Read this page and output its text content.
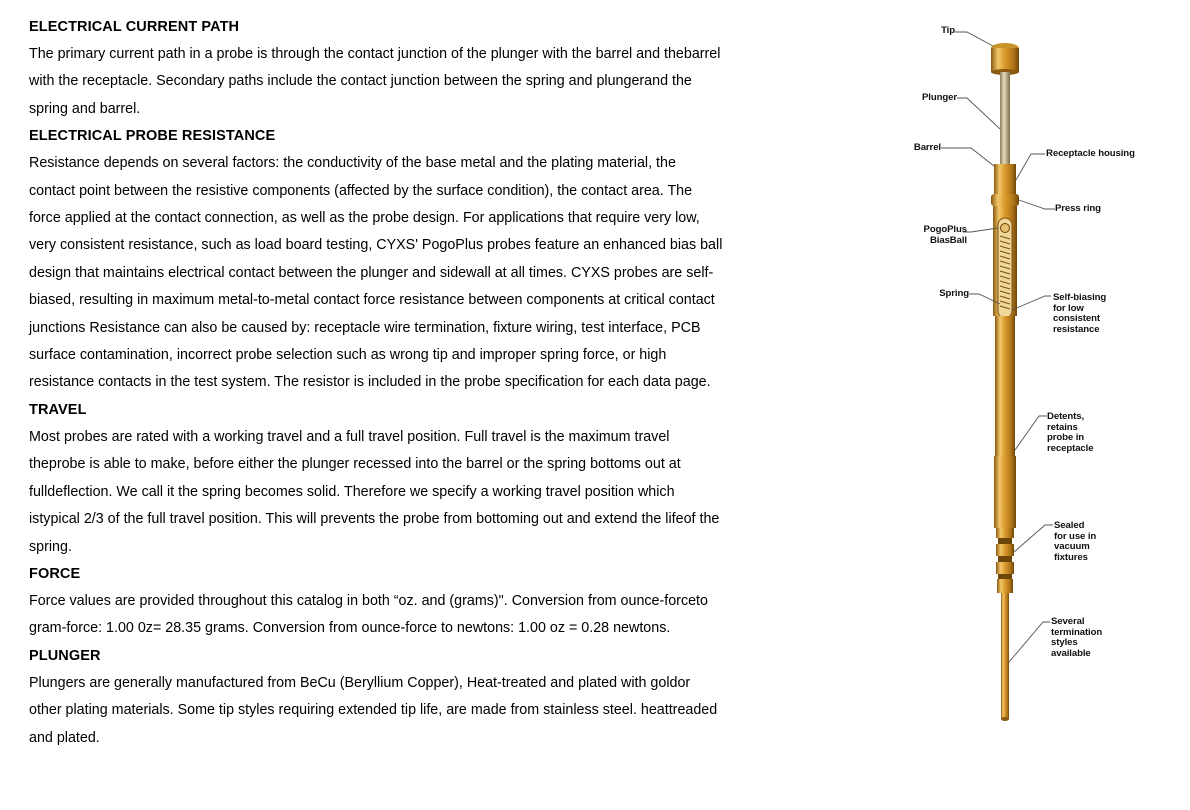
ELECTRICAL CURRENT PATH

The primary current path in a probe is through the contact junction of the plunger with the barrel and thebarrel
with the receptacle. Secondary paths include the contact junction between the spring and plungerand the
spring and barrel.

ELECTRICAL PROBE RESISTANCE

Resistance depends on several factors: the conductivity of the base metal and the plating material, the
contact point between the resistive components (affected by the surface condition), the contact area. The
force applied at the contact connection, as well as the probe design. For applications that require very low,
very consistent resistance, such as load board testing, CYXS' PogoPlus probes feature an enhanced bias ball
design that maintains electrical contact between the plunger and sidewall at all times. CYXS probes are self-
biased, resulting in maximum metal-to-metal contact force resistance between components at critical contact
junctions Resistance can also be caused by: receptacle wire termination, fixture wiring, test interface, PCB
surface contamination, incorrect probe selection such as wrong tip and improper spring force, or high
resistance contacts in the test system. The resistor is included in the probe specification for each data page.

TRAVEL

Most probes are rated with a working travel and a full travel position. Full travel is the maximum travel
theprobe is able to make, before either the plunger recessed into the barrel or the spring bottoms out at
fulldeflection. We call it the spring becomes solid. Therefore we specify a working travel position which
istypical 2/3 of the full travel position. This will prevents the probe from bottoming out and extend the lifeof the
spring.

FORCE

Force values are provided throughout this catalog in both “oz. and (grams)". Conversion from ounce-forceto
gram-force: 1.00 0z= 28.35 grams. Conversion from ounce-force to newtons: 1.00 oz = 0.28 newtons.

PLUNGER

Plungers are generally manufactured from BeCu (Beryllium Copper), Heat-treated and plated with goldor
other plating materials. Some tip styles requiring extended tip life, are made from stainless steel. heattreaded
and plated.

Tip
Plunger
Barrel
PogoPlus
BiasBall
Spring
Receptacle housing
Press ring
Self-biasing
for low
consistent
resistance
Detents,
retains
probe in
receptacle
Sealed
for use in
vacuum
fixtures
Several
termination
styles
available
